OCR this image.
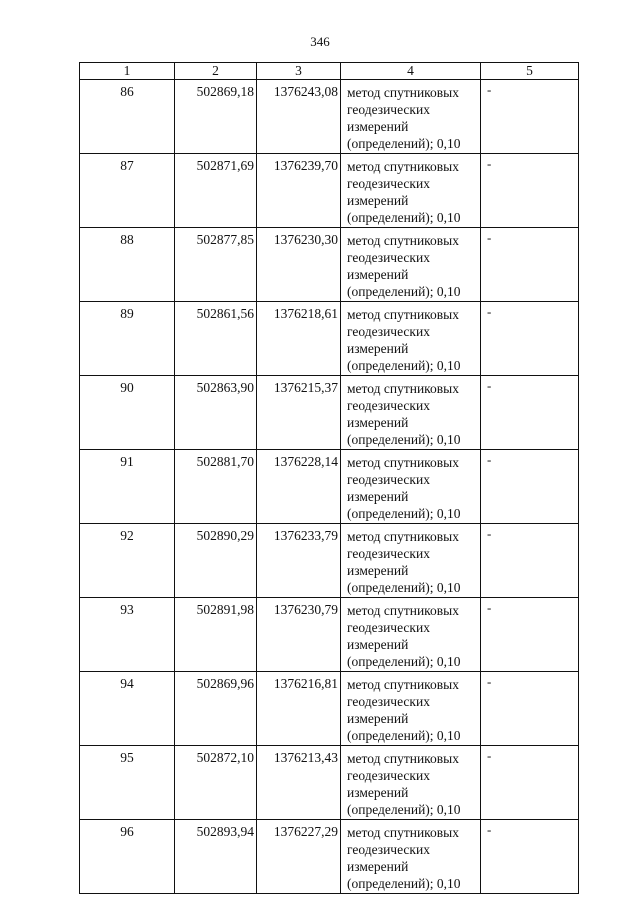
346
1	2	3	4	5
86	502869,18	1376243,08	метод спутниковых
геодезических
измерений
(определений); 0,10	-
87	502871,69	1376239,70	метод спутниковых
геодезических
измерений
(определений); 0,10	-
88	502877,85	1376230,30	метод спутниковых
геодезических
измерений
(определений); 0,10	-
89	502861,56	1376218,61	метод спутниковых
геодезических
измерений
(определений); 0,10	-
90	502863,90	1376215,37	метод спутниковых
геодезических
измерений
(определений); 0,10	-
91	502881,70	1376228,14	метод спутниковых
геодезических
измерений
(определений); 0,10	-
92	502890,29	1376233,79	метод спутниковых
геодезических
измерений
(определений); 0,10	-
93	502891,98	1376230,79	метод спутниковых
геодезических
измерений
(определений); 0,10	-
94	502869,96	1376216,81	метод спутниковых
геодезических
измерений
(определений); 0,10	-
95	502872,10	1376213,43	метод спутниковых
геодезических
измерений
(определений); 0,10	-
96	502893,94	1376227,29	метод спутниковых
геодезических
измерений
(определений); 0,10	-
